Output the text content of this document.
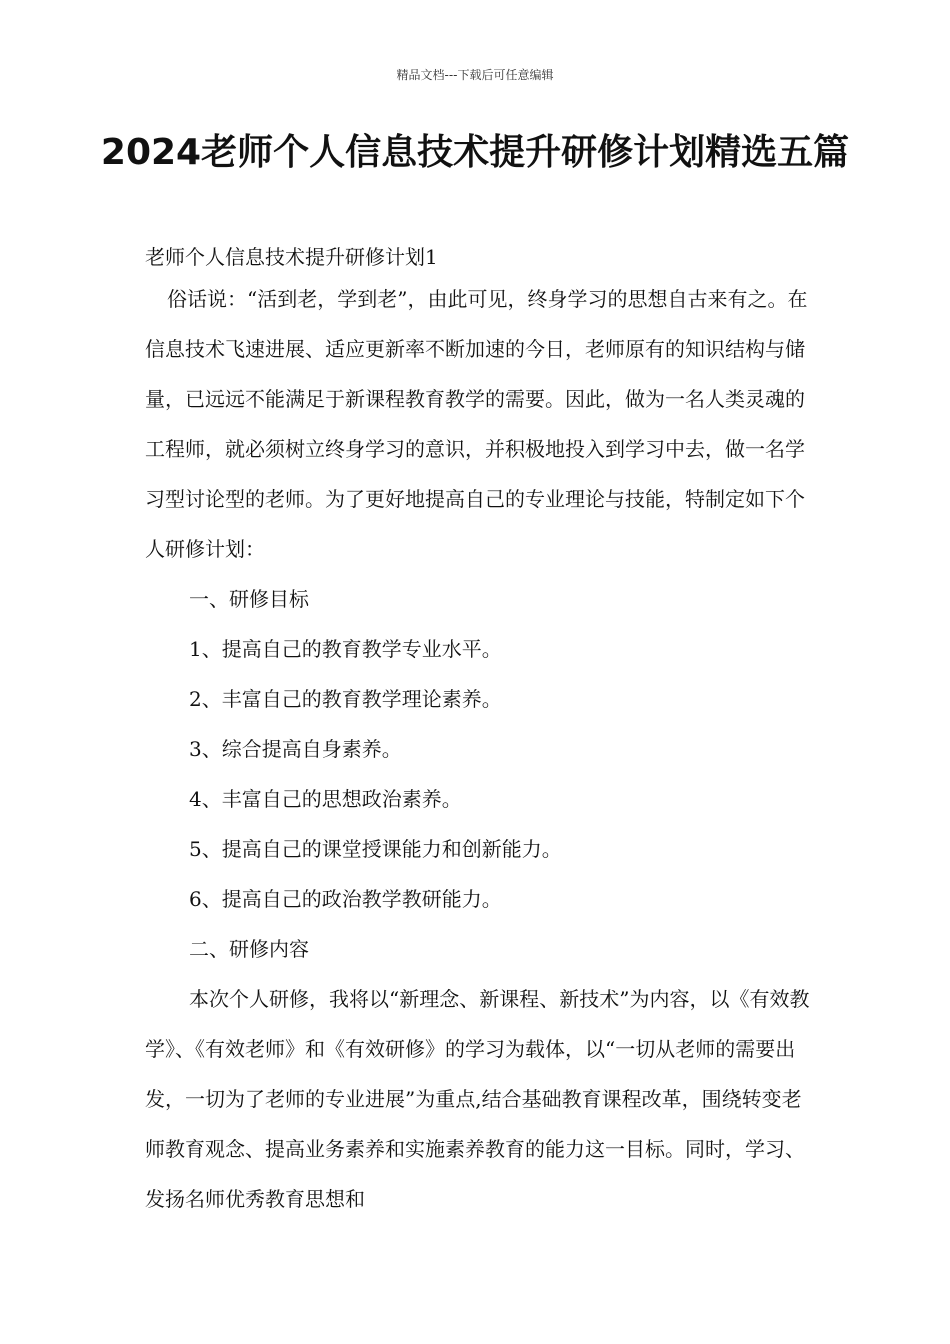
精品文档---下载后可任意编辑
2024老师个人信息技术提升研修计划精选五篇
老师个人信息技术提升研修计划1

俗话说：“活到老，学到老”，由此可见，终身学习的思想自古来有之。在信息技术飞速进展、适应更新率不断加速的今日，老师原有的知识结构与储量，已远远不能满足于新课程教育教学的需要。因此，做为一名人类灵魂的工程师，就必须树立终身学习的意识，并积极地投入到学习中去，做一名学习型讨论型的老师。为了更好地提高自己的专业理论与技能，特制定如下个人研修计划：

一、研修目标
1、提高自己的教育教学专业水平。
2、丰富自己的教育教学理论素养。
3、综合提高自身素养。
4、丰富自己的思想政治素养。
5、提高自己的课堂授课能力和创新能力。
6、提高自己的政治教学教研能力。
二、研修内容

本次个人研修，我将以“新理念、新课程、新技术”为内容，以《有效教学》、《有效老师》和《有效研修》的学习为载体，以“一切从老师的需要出发，一切为了老师的专业进展”为重点,结合基础教育课程改革，围绕转变老师教育观念、提高业务素养和实施素养教育的能力这一目标。同时，学习、发扬名师优秀教育思想和
